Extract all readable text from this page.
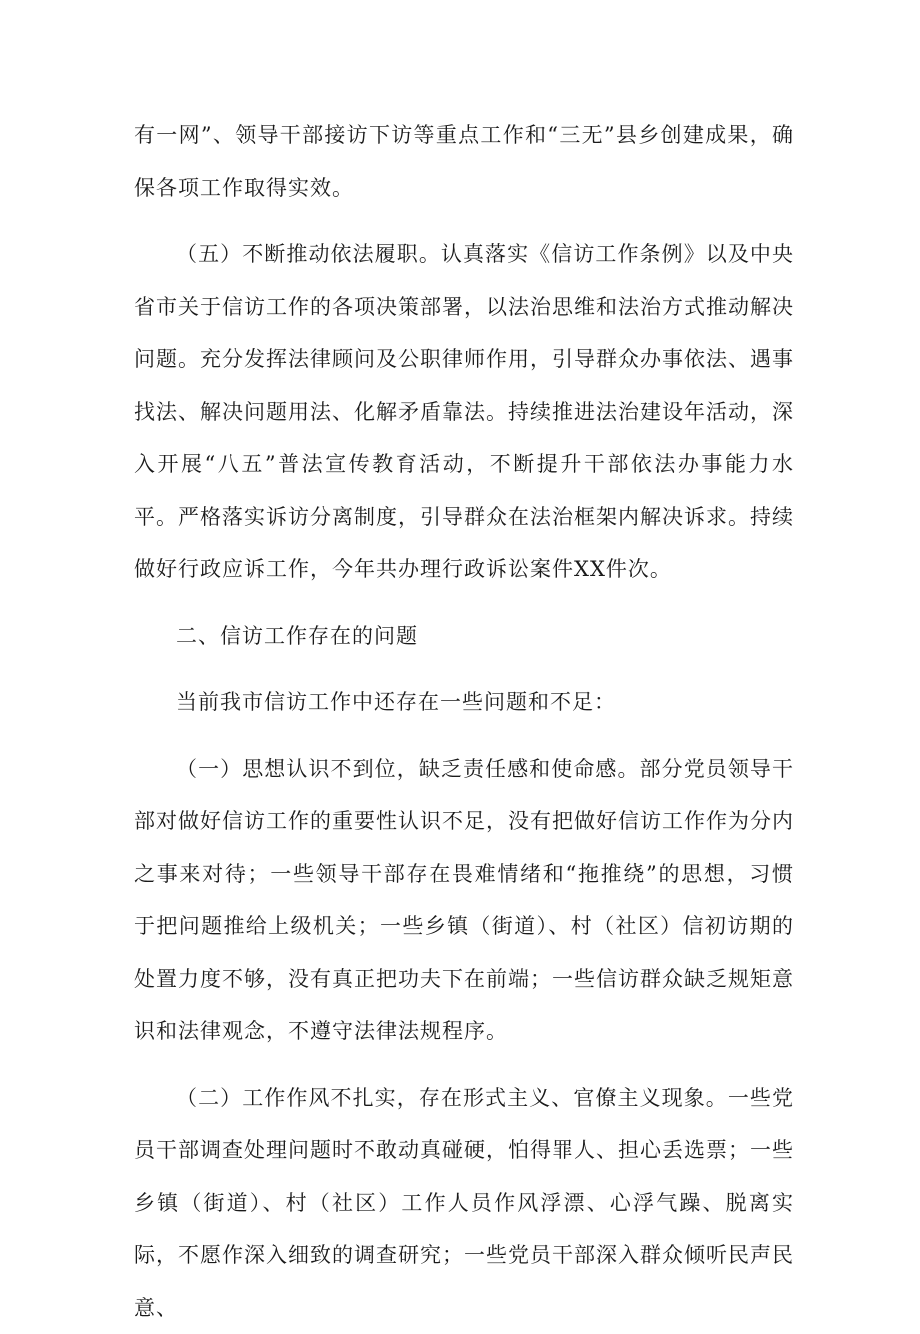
有一网”、领导干部接访下访等重点工作和“三无”县乡创建成果，确保各项工作取得实效。

（五）不断推动依法履职。认真落实《信访工作条例》以及中央省市关于信访工作的各项决策部署，以法治思维和法治方式推动解决问题。充分发挥法律顾问及公职律师作用，引导群众办事依法、遇事找法、解决问题用法、化解矛盾靠法。持续推进法治建设年活动，深入开展“八五”普法宣传教育活动，不断提升干部依法办事能力水平。严格落实诉访分离制度，引导群众在法治框架内解决诉求。持续做好行政应诉工作，今年共办理行政诉讼案件XX件次。

二、信访工作存在的问题

当前我市信访工作中还存在一些问题和不足：

（一）思想认识不到位，缺乏责任感和使命感。部分党员领导干部对做好信访工作的重要性认识不足，没有把做好信访工作作为分内之事来对待；一些领导干部存在畏难情绪和“拖推绕”的思想，习惯于把问题推给上级机关；一些乡镇（街道）、村（社区）信初访期的处置力度不够，没有真正把功夫下在前端；一些信访群众缺乏规矩意识和法律观念，不遵守法律法规程序。

（二）工作作风不扎实，存在形式主义、官僚主义现象。一些党员干部调查处理问题时不敢动真碰硬，怕得罪人、担心丢选票；一些乡镇（街道）、村（社区）工作人员作风浮漂、心浮气躁、脱离实际，不愿作深入细致的调查研究；一些党员干部深入群众倾听民声民意、
